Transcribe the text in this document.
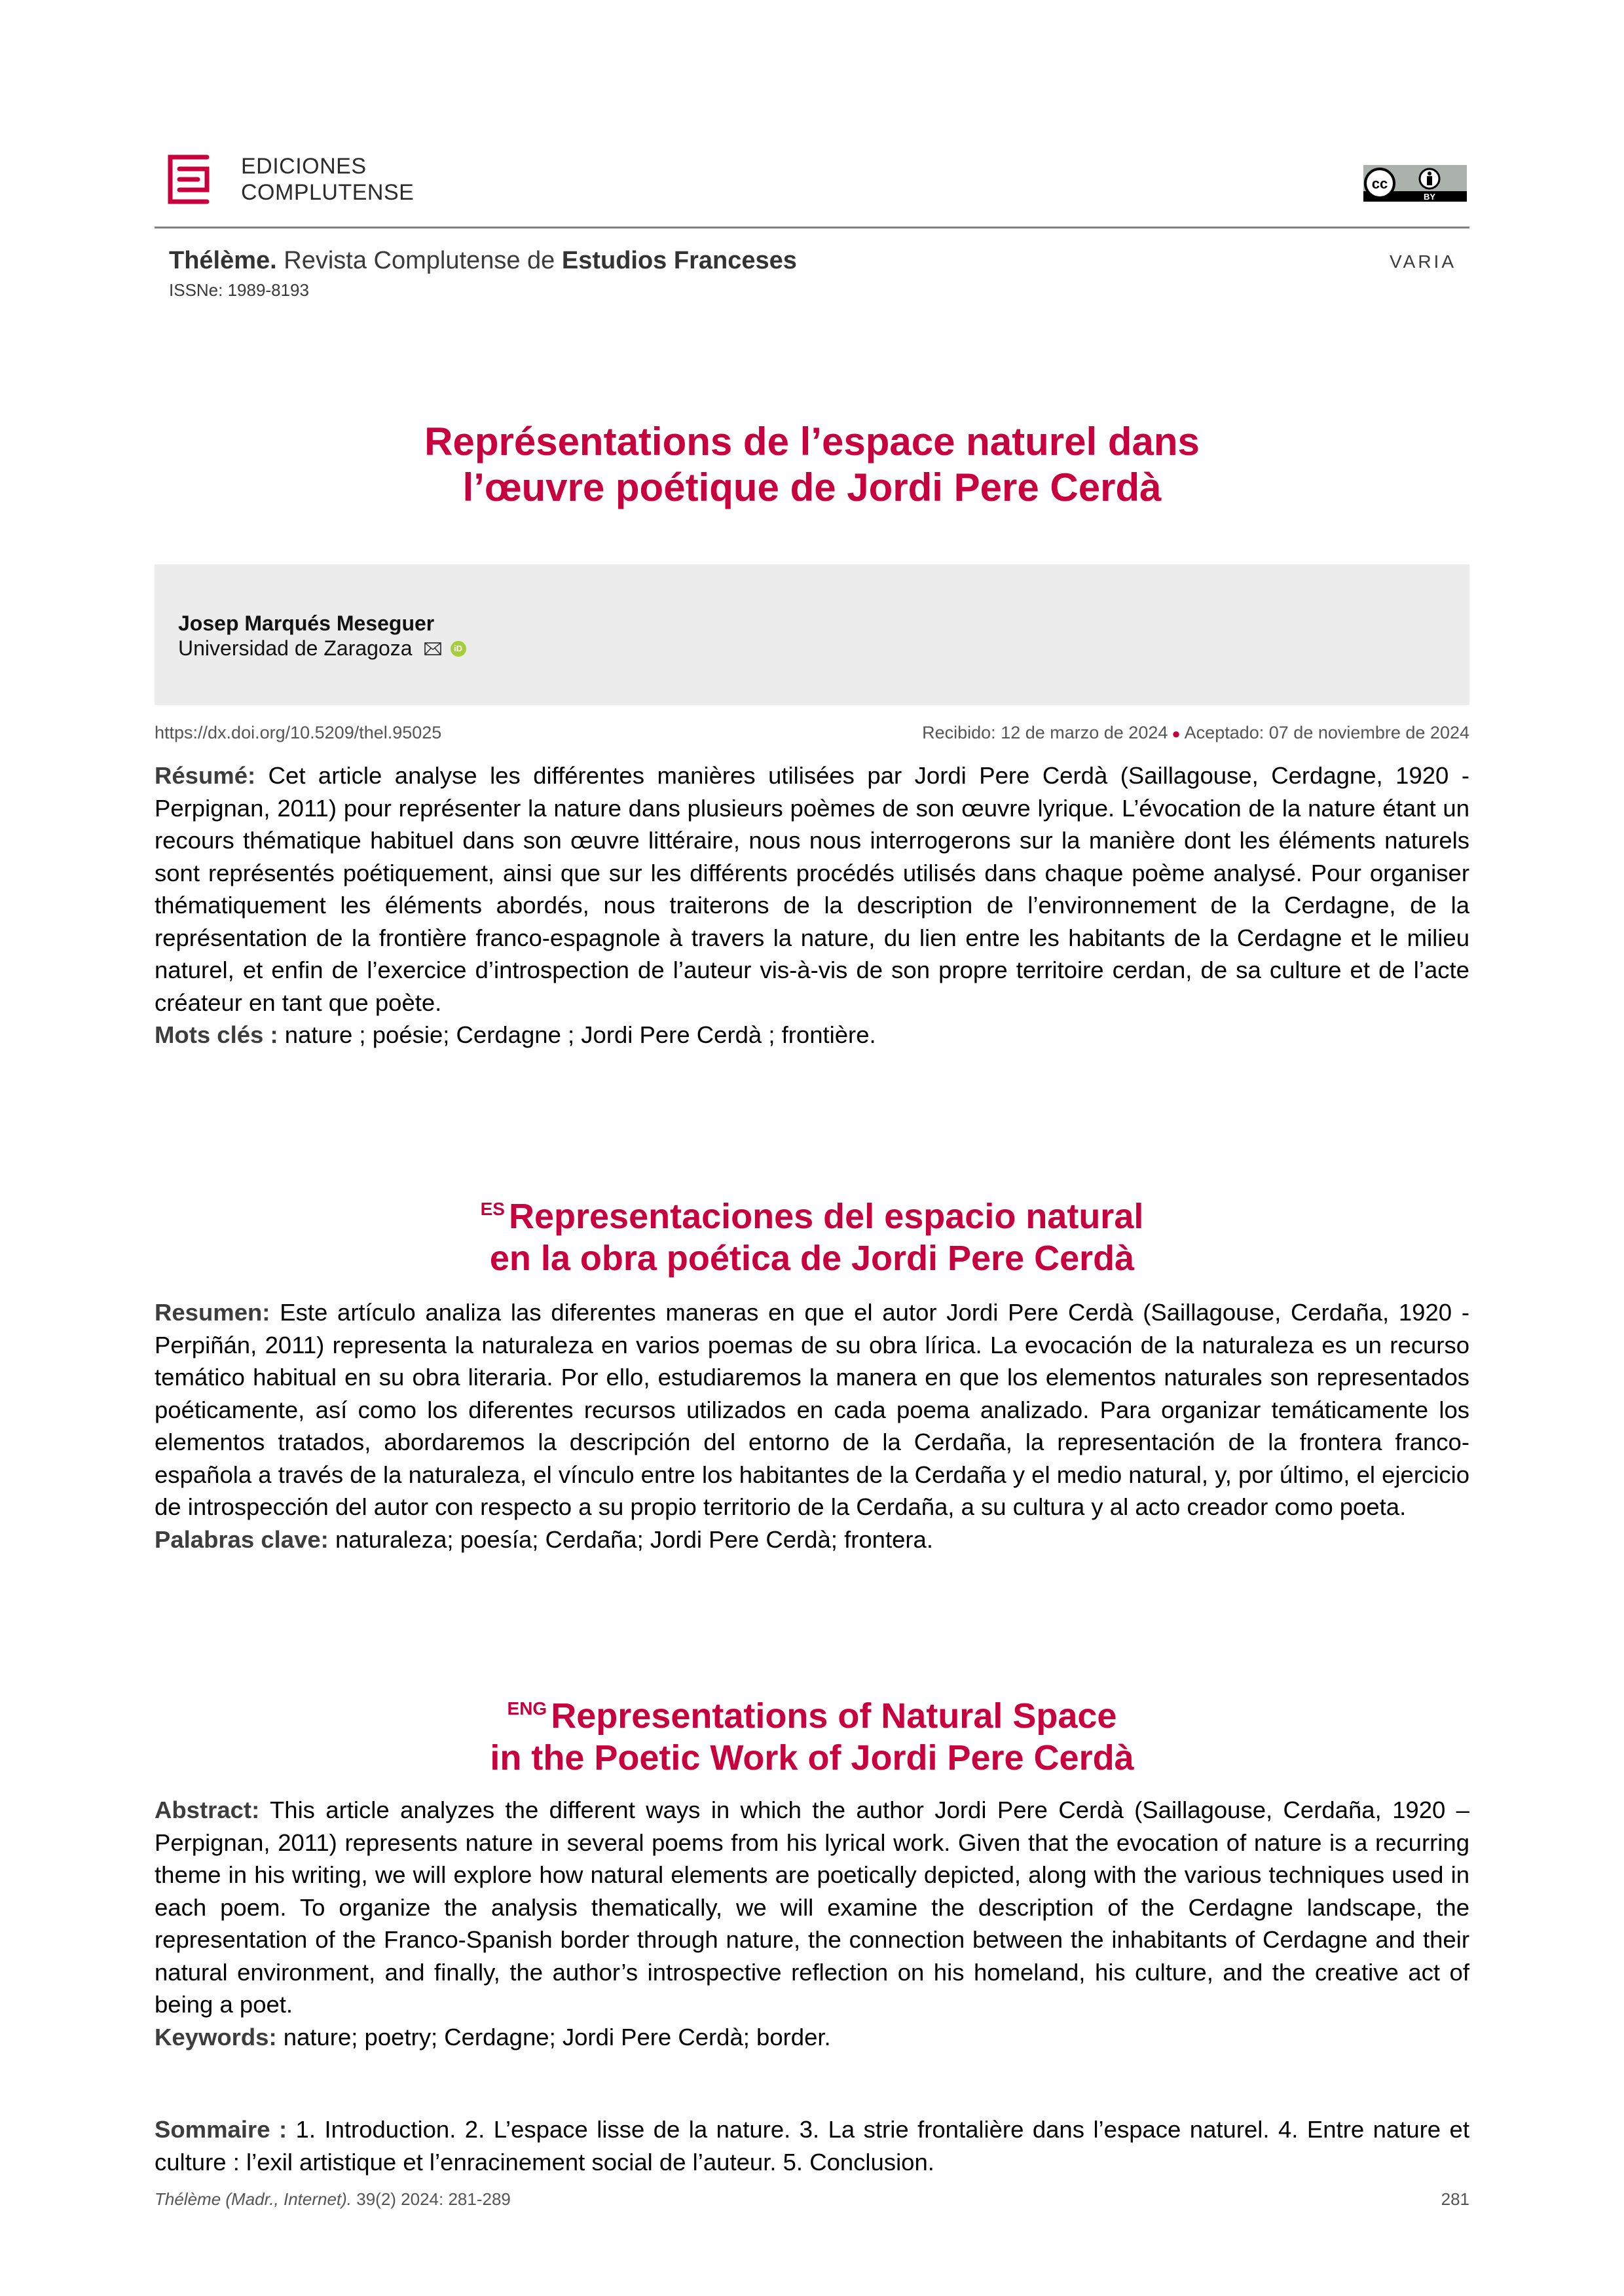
EDICIONES
COMPLUTENSE	cc
BY
Thélème. Revista Complutense de Estudios Franceses
ISSNe: 1989-8193
VARIA
Représentations de l’espace naturel dans
l’œuvre poétique de Jordi Pere Cerdà
Josep Marqués Meseguer
Universidad de Zaragoza	iD
https://dx.doi.org/10.5209/thel.95025	Recibido: 12 de marzo de 2024 ● Aceptado: 07 de noviembre de 2024

Résumé: Cet article analyse les différentes manières utilisées par Jordi Pere Cerdà (Saillagouse, Cerdagne, 1920 - Perpignan, 2011) pour représenter la nature dans plusieurs poèmes de son œuvre lyrique. L’évocation de la nature étant un recours thématique habituel dans son œuvre littéraire, nous nous interrogerons sur la manière dont les éléments naturels sont représentés poétiquement, ainsi que sur les différents procédés utilisés dans chaque poème analysé. Pour organiser thématiquement les éléments abordés, nous traiterons de la description de l’environnement de la Cerdagne, de la représentation de la frontière franco-espagnole à travers la nature, du lien entre les habitants de la Cerdagne et le milieu naturel, et enfin de l’exercice d’introspection de l’auteur vis-à-vis de son propre territoire cerdan, de sa culture et de l’acte créateur en tant que poète.

Mots clés : nature ; poésie; Cerdagne ; Jordi Pere Cerdà ; frontière.

$^{ES}$ Representaciones del espacio natural
en la obra poética de Jordi Pere Cerdà

Resumen: Este artículo analiza las diferentes maneras en que el autor Jordi Pere Cerdà (Saillagouse, Cerdaña, 1920 - Perpiñán, 2011) representa la naturaleza en varios poemas de su obra lírica. La evocación de la naturaleza es un recurso temático habitual en su obra literaria. Por ello, estudiaremos la manera en que los elementos naturales son representados poéticamente, así como los diferentes recursos utilizados en cada poema analizado. Para organizar temáticamente los elementos tratados, abordaremos la descripción del entorno de la Cerdaña, la representación de la frontera franco-española a través de la naturaleza, el vínculo entre los habitantes de la Cerdaña y el medio natural, y, por último, el ejercicio de introspección del autor con respecto a su propio territorio de la Cerdaña, a su cultura y al acto creador como poeta.

Palabras clave: naturaleza; poesía; Cerdaña; Jordi Pere Cerdà; frontera.

$^{ENG}$ Representations of Natural Space
in the Poetic Work of Jordi Pere Cerdà

Abstract: This article analyzes the different ways in which the author Jordi Pere Cerdà (Saillagouse, Cerdaña, 1920 – Perpignan, 2011) represents nature in several poems from his lyrical work. Given that the evocation of nature is a recurring theme in his writing, we will explore how natural elements are poetically depicted, along with the various techniques used in each poem. To organize the analysis thematically, we will examine the description of the Cerdagne landscape, the representation of the Franco-Spanish border through nature, the connection between the inhabitants of Cerdagne and their natural environment, and finally, the author’s introspective reflection on his homeland, his culture, and the creative act of being a poet.

Keywords: nature; poetry; Cerdagne; Jordi Pere Cerdà; border.

Sommaire : 1. Introduction. 2. L’espace lisse de la nature. 3. La strie frontalière dans l’espace naturel. 4. Entre nature et culture : l’exil artistique et l’enracinement social de l’auteur. 5. Conclusion.
Thélème (Madr., Internet). 39(2) 2024: 281-289	281
